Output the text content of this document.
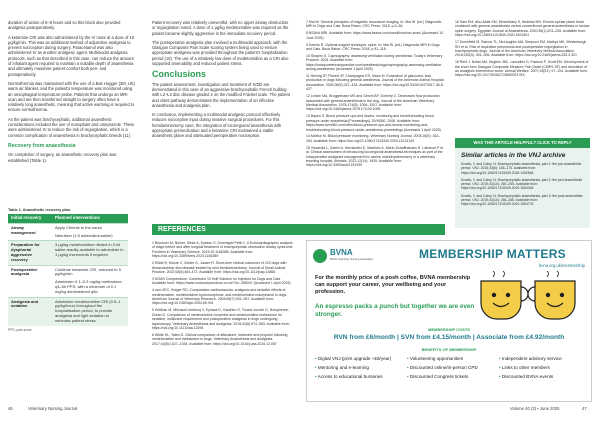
duration of action of 6–8 hours and so this block also provided analgesia postoperatively.

A ketamine CRI was also administered by the IV route at a dose of 10 μg/kg/min. This was an additional method of adjunctive analgesia to prevent nociception during surgery. Paracetamol was also administered IV as another analgesic agent. Multimodal analgesia protocols, such as that described in this case, can reduce the amount of inhalant agent required to maintain a suitable depth of anaesthesia and ultimately maximise patient comfort both peri- and postoperatively.

Normothermia was maintained with the use of a Bair Hugger (3M, UK) warm air blanket, and the patient's temperature was monitored using an oesophageal temperature probe. Patients that undergo an MRI scan and are then transferred straight to surgery often have a relatively long anaesthetic, meaning that active warming is required to ensure normothermia.

As the patient was brachycephalic, additional anaesthetic considerations included the use of maropitant and omeprazole. These were administered IV to reduce the risk of regurgitation, which is a common complication of anaesthesia in brachycephalic breeds (11).

Recovery from anaesthesia

On completion of surgery, an anaesthetic recovery plan was established (Table 1).

Table 1. Anaesthetic recovery plan.
Initial recovery	Planned interventions
Airway management	Apply Chinnie to the nares
Nebuliser (1:5 adrenaline:saline)

Preparation for dysphoria/ aggressive recovery	3 μg/kg medetomidine diluted in 3 ml saline readily available to administer in 1 μg/kg increments if required
Postoperative analgesia	Continue ketamine CRI, reduced to 5 μg/kg/min
Administer 0.1–0.3 mg/kg methadone, q4–6h PPS, with a minimum of 0.1 mg/kg administered q6h

Analgesia and sedation	Administer medetomidine CRI (0.5–1 μg/kg/hour) throughout the hospitalisation period, to provide analgesia and light sedation to minimise patient stress
PPS, pain score

Patient recovery was relatively uneventful, with no upper airway obstruction or regurgitation noted. A dose of 1 μg/kg medetomidine was required as the patient became slightly aggressive in the immediate recovery period.

The postoperative analgesia plan involved a multimodal approach, with the Glasgow Composite Pain Scale scoring system being used to ensure appropriate analgesia was provided throughout the patient's hospitalisation period (10). The use of a relatively low dose of medetomidine as a CRI also supported amenability and reduced patient stress.

Conclusions

The patient assessment, investigation and treatment of IVDD are demonstrated in this case of an aggressive brachycephalic French bulldog with L2–L3 disc disease graded 2 on the modified Frankel scale. The patient and client pathway demonstrates the implementation of an effective anaesthesia and analgesia plan.

In conclusion, implementing a multimodal analgesic protocol effectively reduces nociceptive input during invasive surgical procedures. For this hemilaminectomy case, the integration of locoregional anaesthesia with appropriate premedication and a ketamine CRI maintained a stable anaesthetic plane and attenuated perioperative nociception.

7 Mai W. General principles of magnetic resonance imaging. In: Mai W. (ed.) Diagnostic MRI in Dogs and Cats. Boca Raton: CRC Press; 2018. p.3–36.

8 BSAVA MRI. Available from: https://www.bsava.com/conditions/mri-scan/ (Accessed 10 June 2025)

9 Dennis R. Optimal magnet technique: spine. In: Mai W. (ed.) Diagnostic MRI in Dogs and Cats. Boca Raton: CRC Press; 2018. p.91–115.

10 Shapiro S. Capnography: assessing ventilation during anesthesia. Today's Veterinary Practice. 2024. Available from: https://todaysveterinarypractice.com/anesthesiology/capnography-assessing-ventilation-during-anesthesia/ (Accessed 1 April 2025)

11 Hennig JP, Pickett JP, Champagne ES, Mann M. Evaluation of glaucoma, less production in dogs following general anesthesia. Journal of the American Animal Hospital Association. 2000;36(5):427–433. Available from: https://doi.org/10.5326/15473317-36-5-427

12 Leckie MA, Bruggemann MS and Gerzhi AP, Doherty C. Decreased flow production associated with general anaesthesia in the dog. Journal of the American Veterinary Medical Association. 1978;174(8): 1006–1007. Available from: https://doi.org/10.2460/javma.1978.174.09.1006

13 Bayen S. Blood pressure ups and downs: monitoring and troubleshooting blood pressure under anesthesia [Proceedings]. DVM360. 2008. Available from: https://www.dvm360.com/view/blood-pressure-ups-and-downs-monitoring-and-troubleshooting-blood-pressure-under-anesthesia-proceedings (Accessed 1 April 2025)

14 Mathur M. Blood pressure monitoring. Veterinary Nursing Journal. 2003;18(5): 162–164. Available from: https://doi.org/10.1080/17415349.2003.11013140

15 Viscardia L, Zahim A, Hernández E, Martinez A, Marin-Schaffhausen R, Lafrance P et al. Clinical assessment of introducing locoregional anaesthesia techniques as part of the intraoperative analgesia management for canine ovariohysterectomy in a veterinary teaching hospital. Animals. 2022;12(14): 1939. Available from: https://doi.org/10.3390/ani12151939

16 Sam EM, Abu-Abiat SM, Elmenbiany S, Abdelaz MH. Erector spinae plane block combined with general anaesthesia versus conventional general anaesthesia in lumbar spine surgery. Egyptian Journal of Anaesthesia. 2020;36(1):201–226. Available from: https://doi.org/10.1080/11101849.2020.1821501

17 Downfield M, Ramos TL, McLaughlin MA, Simpson EM, Mathys MK, Westerburgh SH et al. Risk of aspiration pneumonia and postoperative regurgitation in brachycephalic dogs. Journal of the American Veterinary Medical Association. 2018;253(3): 301–306. Available from: https://doi.org/10.2460/javma.253.3.301

18 Reid J, Nolan AM, Hughes JML, Lascelles D, Pawson P, Scott EM. Development of the short form Glasgow Composite Measure Pain Scale (CMPS-SF) and derivation of an analgesic intervention score. Animal Welfare. 2007;16(51): 97–104. Available from: https://doi.org/10.1017/S096272860003178X

WAS THIS ARTICLE HELPFUL? CLICK TO REPLY
Similar articles in the VNJ archive

Scales, C and Caley, N. Brachycephalic anaesthesia, part 1: the pre-anaesthetic period. VNJ. 2018;34(6): 166–170. Available from: https://doi.org/10.1080/17415349.2018.1452648

Scales, C and Caley, N. Brachycephalic anaesthesia, part 2: the peri-anaesthetic period. VNJ. 2019;34(10): 260–265. Available from: https://doi.org/10.1080/17415349.2019.1560048

Scales, C and Caley, N. Brachycephalic anaesthesia, part 3: the post-anaesthetic period. VNJ. 2019;34(10): 256–266. Available from: https://doi.org/10.1080/17415349.2019.1564776

REFERENCES

1 Brückner M, Neiner, Sieke A, Eyeson S, Domingdo Petit C. A Echocardiographic analysis of stage before and after surgical treatment of brachycephalic obstructive airway syndrome. Frontiers in Veterinary Science. 2023;10:1166389. Available from: https://doi.org/10.3389/fvets.2023.1166389

2 Elliott R, Moore C, Zelder G, Jodam R. Short-term clinical outcomes of 220 dogs with thoracolumbar disc disease treated by mini-hemilaminectomy. Journal of Small Animal Practice. 2022;63(6):464-473. Available from: https://doi.org/10.1111/jsap.13566

3 NOAH Compendium. Contributor 10 Hoff Solution for Injection for Dogs and Cats. Available from: https://www.noahcompendium.co.uk/?id=-455047 (Accessed 1 April 2025)

4 van IJEC, Kreger RD. Comparative cardiovascular, analgesic and sedative effects of medetomidine, medetomidine-hydromorphone, and medetomidine-butorphanol in dogs. American Journal of Veterinary Research. 2004;65(7):931–937. Available from: https://doi.org/10.2460/ajvr.2004.65.931

5 Kellihan M, Michaud-Leclercq V, Kyriaca D, Gauthier O, Touzot-Jourde G, Holopherne-Doran D. Comparison of medetomidine-morphine and medetomidine-methadone for sedation, isoflurane requirement and postoperative analgesia in dogs undergoing laparoscopy. Veterinary Anaesthesia and Analgesia. 2015;42(6):574–583. Available from: https://doi.org/10.1111/vaa.12294

6 White KL, Yates D. Clinical comparison of alfaxalone, ketamine and propofol following medetomidine and methadone in dogs. Veterinary Anaesthesia and Analgesia. 2017;44(5):1027–1034. Available from: https://doi.org/10.1016/j.vaa.2016.12.057

BVNA
British Veterinary Nursing Association	MEMBERSHIP MATTERS
bvna.org.uk/membership
For the monthly price of a posh coffee, BVNA membership can support your career, your wellbeing and your profession.
An espresso packs a punch but together we are even stronger.
MEMBERSHIP COSTS
RVN from £6/month | SVN from £4.15/month | Associate from £4.92/month
BENEFITS OF MEMBERSHIP
• Digital VNJ (print upgrade +£8/year)
• Mentoring and e-learning
• Access to educational bursaries
• Volunteering opportunities
• Discounted online/in-person CPD
• Discounted Congress tickets
• Independent advisory service
• Links to other members
• Discounted BVNA events
46	Veterinary Nursing Journal	Volume 40 (3) ▪ June 2025	47
